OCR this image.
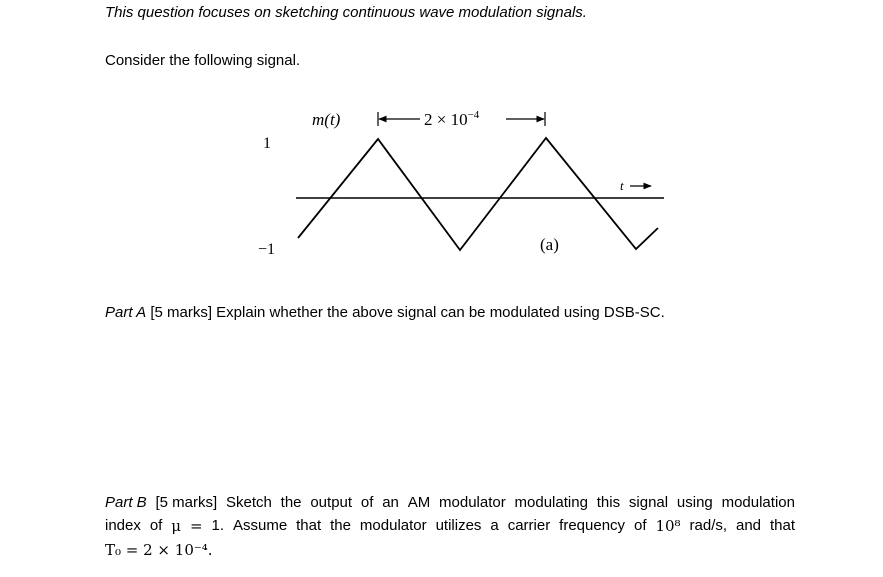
This question focuses on sketching continuous wave modulation signals.
Consider the following signal.
$2 \times 10^{-4}$
m(t)
1
−1
t
(a)
Part A [5 marks] Explain whether the above signal can be modulated using DSB-SC.
Part B [5 marks] Sketch the output of an AM modulator modulating this signal using modulation
index of μ = 1. Assume that the modulator utilizes a carrier frequency of 10⁸ rad/s, and that
T₀ = 2 × 10⁻⁴.
